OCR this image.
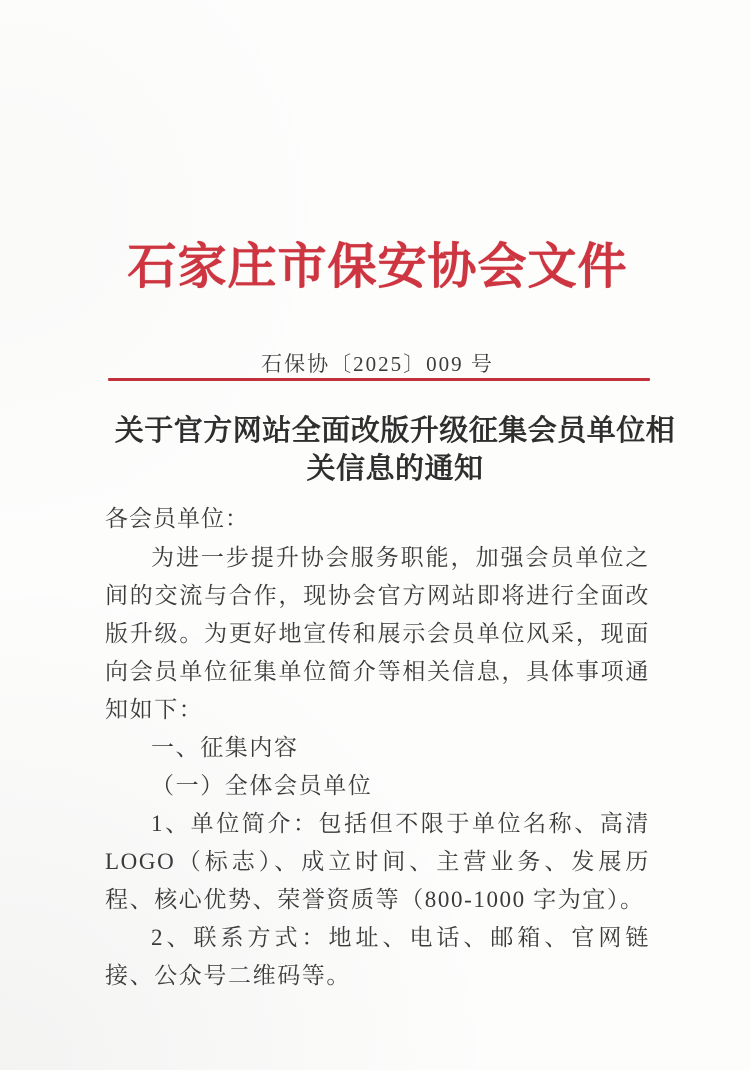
石家庄市保安协会文件
石保协〔2025〕009 号
关于官方网站全面改版升级征集会员单位相关信息的通知
各会员单位：

为进一步提升协会服务职能，加强会员单位之间的交流与合作，现协会官方网站即将进行全面改版升级。为更好地宣传和展示会员单位风采，现面向会员单位征集单位简介等相关信息，具体事项通知如下：

一、征集内容

（一）全体会员单位

1、单位简介：包括但不限于单位名称、高清 LOGO（标志）、成立时间、主营业务、发展历程、核心优势、荣誉资质等（800-1000 字为宜）。

2、联系方式：地址、电话、邮箱、官网链接、公众号二维码等。
